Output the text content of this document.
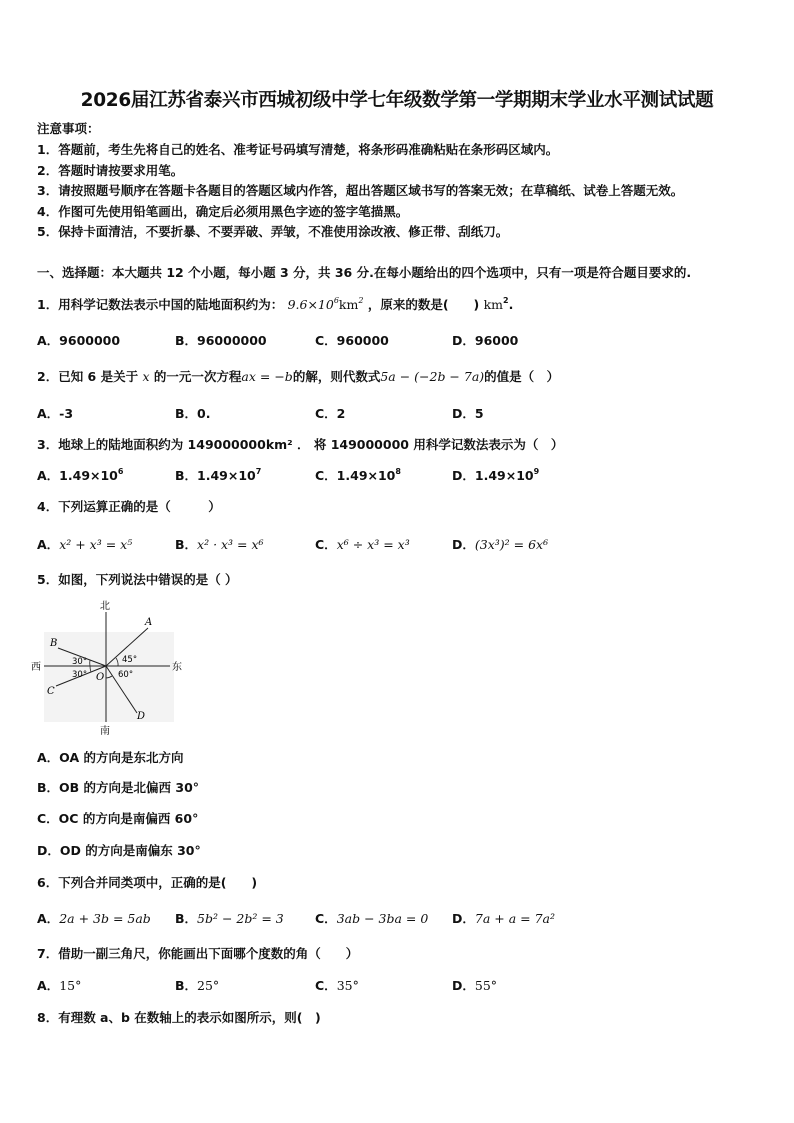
2026届江苏省泰兴市西城初级中学七年级数学第一学期期末学业水平测试试题
注意事项：
1．答题前，考生先将自己的姓名、准考证号码填写清楚，将条形码准确粘贴在条形码区域内。
2．答题时请按要求用笔。
3．请按照题号顺序在答题卡各题目的答题区域内作答，超出答题区域书写的答案无效；在草稿纸、试卷上答题无效。
4．作图可先使用铅笔画出，确定后必须用黑色字迹的签字笔描黑。
5．保持卡面清洁，不要折暴、不要弄破、弄皱，不准使用涂改液、修正带、刮纸刀。
一、选择题：本大题共 12 个小题，每小题 3 分，共 36 分.在每小题给出的四个选项中，只有一项是符合题目要求的.
1．用科学记数法表示中国的陆地面积约为： $9.6\times 10^6km^2$ ，原来的数是(　　) $km^2$.
A．9600000	B．96000000	C．960000	D．96000
2．已知 6 是关于 x 的一元一次方程ax = −b的解，则代数式5a − (−2b − 7a)的值是（　）
A．-3	B．0.	C．2	D．5
3．地球上的陆地面积约为 149000000km² ． 将 149000000 用科学记数法表示为（　）
A．$1.49\times 10^6$	B．$1.49\times 10^7$	C．$1.49\times 10^8$	D．$1.49\times 10^9$
4．下列运算正确的是（　　　）
A．x² + x³ = x⁵	B．x² · x³ = x⁶	C．x⁶ ÷ x³ = x³	D．(3x³)² = 6x⁶
5．如图，下列说法中错误的是（ ）
北
南
西	东
A
B
C
D
O
30°
30°
45°
60°
A．OA 的方向是东北方向
B．OB 的方向是北偏西 30°
C．OC 的方向是南偏西 60°
D．OD 的方向是南偏东 30°
6．下列合并同类项中，正确的是(　　)
A．2a + 3b = 5ab B．5b² − 2b² = 3 C．3ab − 3ba = 0 D．7a + a = 7a²
7．借助一副三角尺，你能画出下面哪个度数的角（　　）
A．15°	B．25°	C．35°	D．55°
8．有理数 a、b 在数轴上的表示如图所示，则(　)
